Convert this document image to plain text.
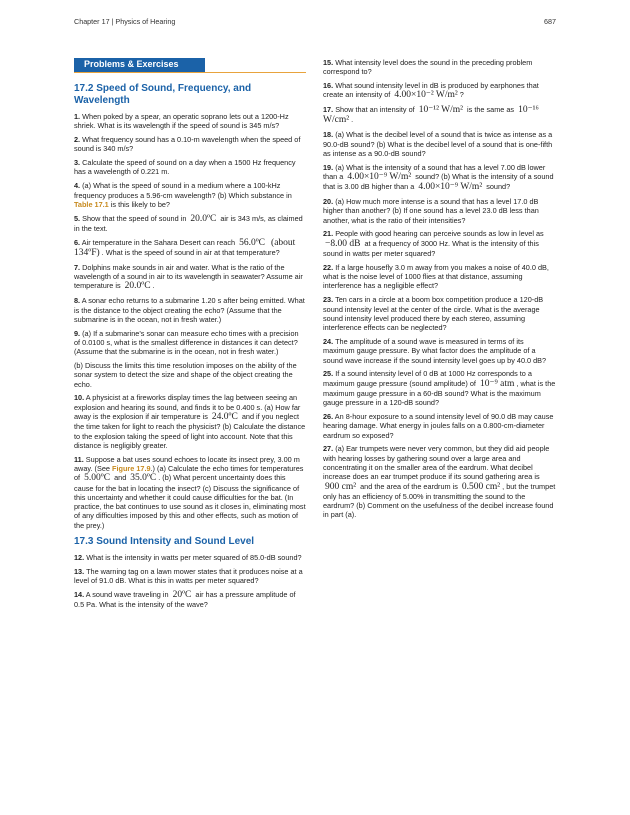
Chapter 17 | Physics of Hearing	687
Problems & Exercises
17.2 Speed of Sound, Frequency, and Wavelength

1. When poked by a spear, an operatic soprano lets out a 1200-Hz shriek. What is its wavelength if the speed of sound is 345 m/s?

2. What frequency sound has a 0.10-m wavelength when the speed of sound is 340 m/s?

3. Calculate the speed of sound on a day when a 1500 Hz frequency has a wavelength of 0.221 m.

4. (a) What is the speed of sound in a medium where a 100-kHz frequency produces a 5.96-cm wavelength? (b) Which substance in Table 17.1 is this likely to be?

5. Show that the speed of sound in 20.0ºC air is 343 m/s, as claimed in the text.

6. Air temperature in the Sahara Desert can reach 56.0ºC (about 134ºF) . What is the speed of sound in air at that temperature?

7. Dolphins make sounds in air and water. What is the ratio of the wavelength of a sound in air to its wavelength in seawater? Assume air temperature is 20.0ºC .

8. A sonar echo returns to a submarine 1.20 s after being emitted. What is the distance to the object creating the echo? (Assume that the submarine is in the ocean, not in fresh water.)

9. (a) If a submarine’s sonar can measure echo times with a precision of 0.0100 s, what is the smallest difference in distances it can detect? (Assume that the submarine is in the ocean, not in fresh water.)

(b) Discuss the limits this time resolution imposes on the ability of the sonar system to detect the size and shape of the object creating the echo.

10. A physicist at a fireworks display times the lag between seeing an explosion and hearing its sound, and finds it to be 0.400 s. (a) How far away is the explosion if air temperature is 24.0ºC and if you neglect the time taken for light to reach the physicist? (b) Calculate the distance to the explosion taking the speed of light into account. Note that this distance is negligibly greater.

11. Suppose a bat uses sound echoes to locate its insect prey, 3.00 m away. (See Figure 17.9.) (a) Calculate the echo times for temperatures of 5.00ºC and 35.0ºC . (b) What percent uncertainty does this cause for the bat in locating the insect? (c) Discuss the significance of this uncertainty and whether it could cause difficulties for the bat. (In practice, the bat continues to use sound as it closes in, eliminating most of any difficulties imposed by this and other effects, such as motion of the prey.)

17.3 Sound Intensity and Sound Level

12. What is the intensity in watts per meter squared of 85.0-dB sound?

13. The warning tag on a lawn mower states that it produces noise at a level of 91.0 dB. What is this in watts per meter squared?

14. A sound wave traveling in 20ºC air has a pressure amplitude of 0.5 Pa. What is the intensity of the wave?

15. What intensity level does the sound in the preceding problem correspond to?

16. What sound intensity level in dB is produced by earphones that create an intensity of 4.00×10⁻² W/m² ?

17. Show that an intensity of 10⁻¹² W/m² is the same as 10⁻¹⁶ W/cm² .

18. (a) What is the decibel level of a sound that is twice as intense as a 90.0-dB sound? (b) What is the decibel level of a sound that is one-fifth as intense as a 90.0-dB sound?

19. (a) What is the intensity of a sound that has a level 7.00 dB lower than a 4.00×10⁻⁹ W/m² sound? (b) What is the intensity of a sound that is 3.00 dB higher than a 4.00×10⁻⁹ W/m² sound?

20. (a) How much more intense is a sound that has a level 17.0 dB higher than another? (b) If one sound has a level 23.0 dB less than another, what is the ratio of their intensities?

21. People with good hearing can perceive sounds as low in level as −8.00 dB at a frequency of 3000 Hz. What is the intensity of this sound in watts per meter squared?

22. If a large housefly 3.0 m away from you makes a noise of 40.0 dB, what is the noise level of 1000 flies at that distance, assuming interference has a negligible effect?

23. Ten cars in a circle at a boom box competition produce a 120-dB sound intensity level at the center of the circle. What is the average sound intensity level produced there by each stereo, assuming interference effects can be neglected?

24. The amplitude of a sound wave is measured in terms of its maximum gauge pressure. By what factor does the amplitude of a sound wave increase if the sound intensity level goes up by 40.0 dB?

25. If a sound intensity level of 0 dB at 1000 Hz corresponds to a maximum gauge pressure (sound amplitude) of 10⁻⁹ atm , what is the maximum gauge pressure in a 60-dB sound? What is the maximum gauge pressure in a 120-dB sound?

26. An 8-hour exposure to a sound intensity level of 90.0 dB may cause hearing damage. What energy in joules falls on a 0.800-cm-diameter eardrum so exposed?

27. (a) Ear trumpets were never very common, but they did aid people with hearing losses by gathering sound over a large area and concentrating it on the smaller area of the eardrum. What decibel increase does an ear trumpet produce if its sound gathering area is 900 cm² and the area of the eardrum is 0.500 cm² , but the trumpet only has an efficiency of 5.00% in transmitting the sound to the eardrum? (b) Comment on the usefulness of the decibel increase found in part (a).
